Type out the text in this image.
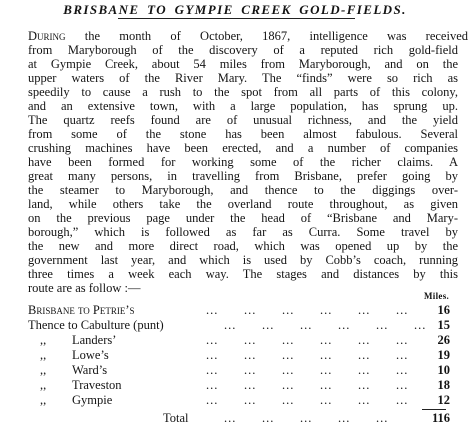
BRISBANE TO GYMPIE CREEK GOLD-FIELDS.
During the month of October, 1867, intelligence was received
from Maryborough of the discovery of a reputed rich gold-field
at Gympie Creek, about 54 miles from Maryborough, and on the
upper waters of the River Mary. The “finds” were so rich as
speedily to cause a rush to the spot from all parts of this colony,
and an extensive town, with a large population, has sprung up.
The quartz reefs found are of unusual richness, and the yield
from some of the stone has been almost fabulous. Several
crushing machines have been erected, and a number of companies
have been formed for working some of the richer claims. A
great many persons, in travelling from Brisbane, prefer going by
the steamer to Maryborough, and thence to the diggings over-
land, while others take the overland route throughout, as given
on the previous page under the head of “Brisbane and Mary-
borough,” which is followed as far as Curra. Some travel by
the new and more direct road, which was opened up by the
government last year, and which is used by Cobb’s coach, running
three times a week each way. The stages and distances by this
route are as follow :—
Miles.
Brisbane to Petrie’s	... ... ... ... ... ... 16
Thence to Cabulture (punt)	... ... ... ... ... ... 15
,, Landers’	... ... ... ... ... ... 26
,, Lowe’s	... ... ... ... ... ... 19
,, Ward’s	... ... ... ... ... ... 10
,, Traveston	... ... ... ... ... ... 18
,, Gympie	... ... ... ... ... ... 12
Total	... ... ... ... ...	116
